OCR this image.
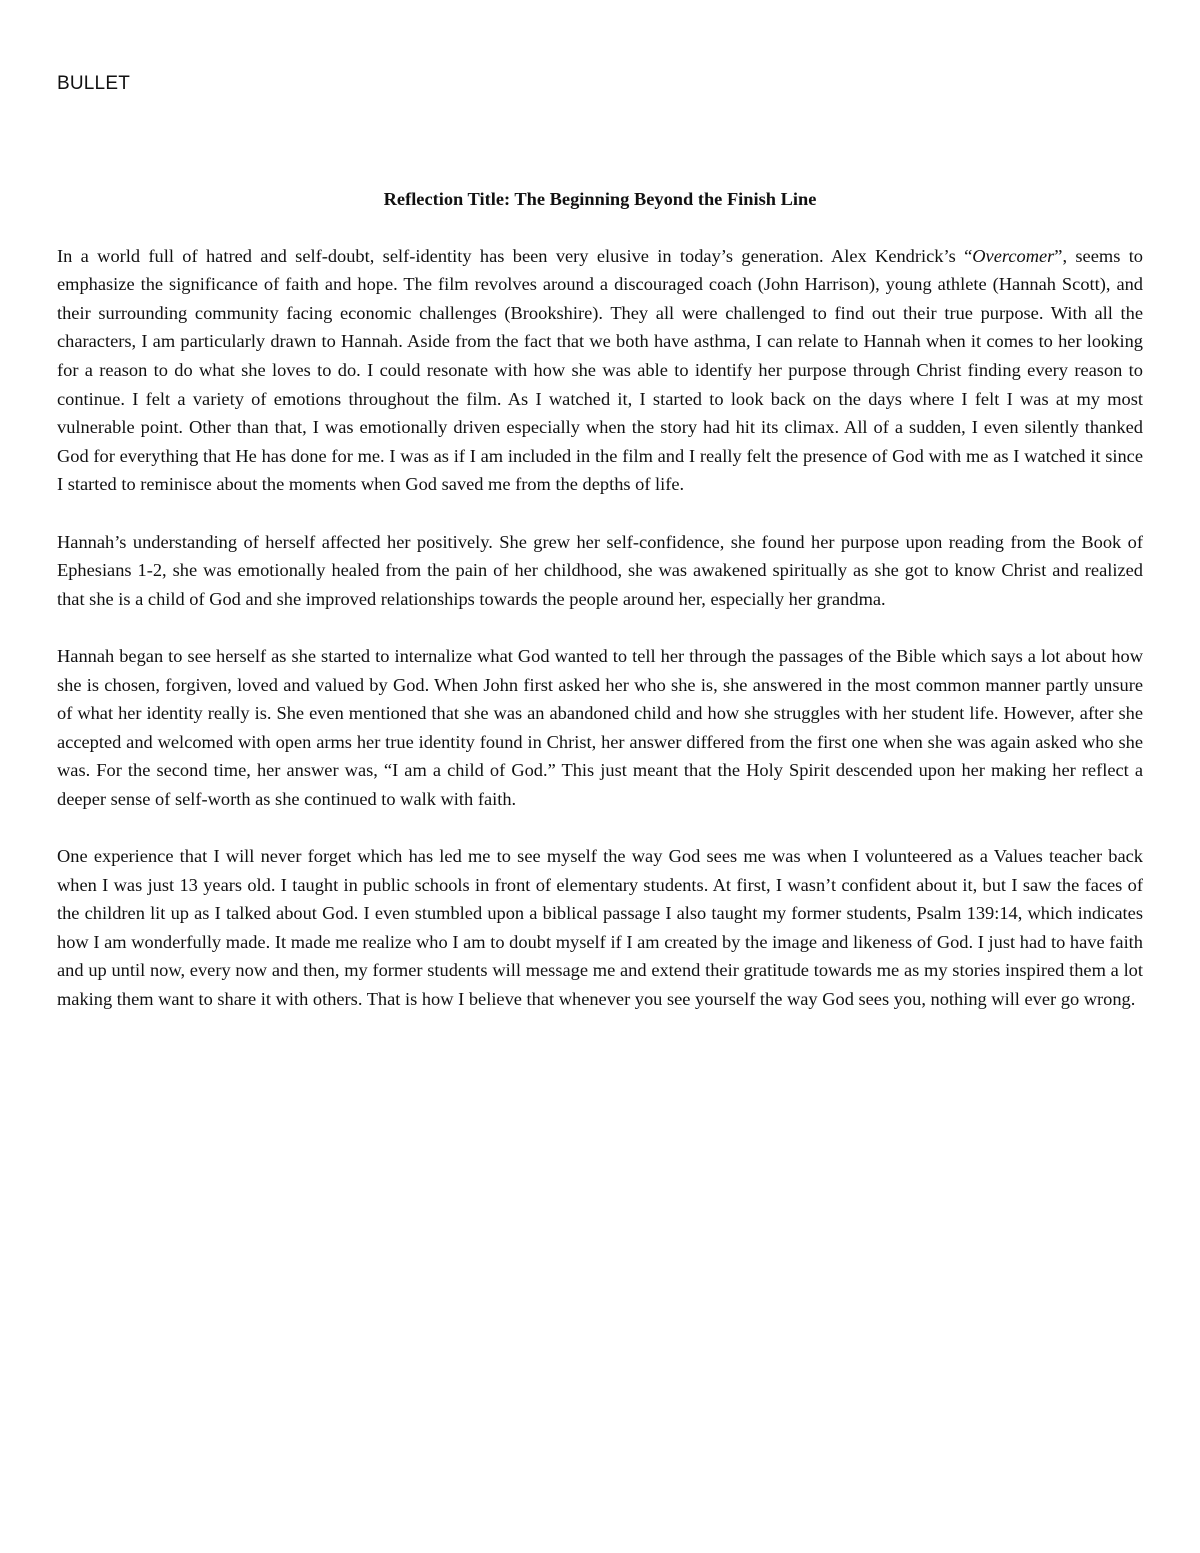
BULLET
Reflection Title: The Beginning Beyond the Finish Line

In a world full of hatred and self-doubt, self-identity has been very elusive in today’s generation. Alex Kendrick’s “Overcomer”, seems to emphasize the significance of faith and hope. The film revolves around a discouraged coach (John Harrison), young athlete (Hannah Scott), and their surrounding community facing economic challenges (Brookshire). They all were challenged to find out their true purpose. With all the characters, I am particularly drawn to Hannah. Aside from the fact that we both have asthma, I can relate to Hannah when it comes to her looking for a reason to do what she loves to do. I could resonate with how she was able to identify her purpose through Christ finding every reason to continue. I felt a variety of emotions throughout the film. As I watched it, I started to look back on the days where I felt I was at my most vulnerable point. Other than that, I was emotionally driven especially when the story had hit its climax. All of a sudden, I even silently thanked God for everything that He has done for me. I was as if I am included in the film and I really felt the presence of God with me as I watched it since I started to reminisce about the moments when God saved me from the depths of life.

Hannah’s understanding of herself affected her positively. She grew her self-confidence, she found her purpose upon reading from the Book of Ephesians 1-2, she was emotionally healed from the pain of her childhood, she was awakened spiritually as she got to know Christ and realized that she is a child of God and she improved relationships towards the people around her, especially her grandma.

Hannah began to see herself as she started to internalize what God wanted to tell her through the passages of the Bible which says a lot about how she is chosen, forgiven, loved and valued by God. When John first asked her who she is, she answered in the most common manner partly unsure of what her identity really is. She even mentioned that she was an abandoned child and how she struggles with her student life. However, after she accepted and welcomed with open arms her true identity found in Christ, her answer differed from the first one when she was again asked who she was. For the second time, her answer was, “I am a child of God.” This just meant that the Holy Spirit descended upon her making her reflect a deeper sense of self-worth as she continued to walk with faith.

One experience that I will never forget which has led me to see myself the way God sees me was when I volunteered as a Values teacher back when I was just 13 years old. I taught in public schools in front of elementary students. At first, I wasn’t confident about it, but I saw the faces of the children lit up as I talked about God. I even stumbled upon a biblical passage I also taught my former students, Psalm 139:14, which indicates how I am wonderfully made. It made me realize who I am to doubt myself if I am created by the image and likeness of God. I just had to have faith and up until now, every now and then, my former students will message me and extend their gratitude towards me as my stories inspired them a lot making them want to share it with others. That is how I believe that whenever you see yourself the way God sees you, nothing will ever go wrong.
